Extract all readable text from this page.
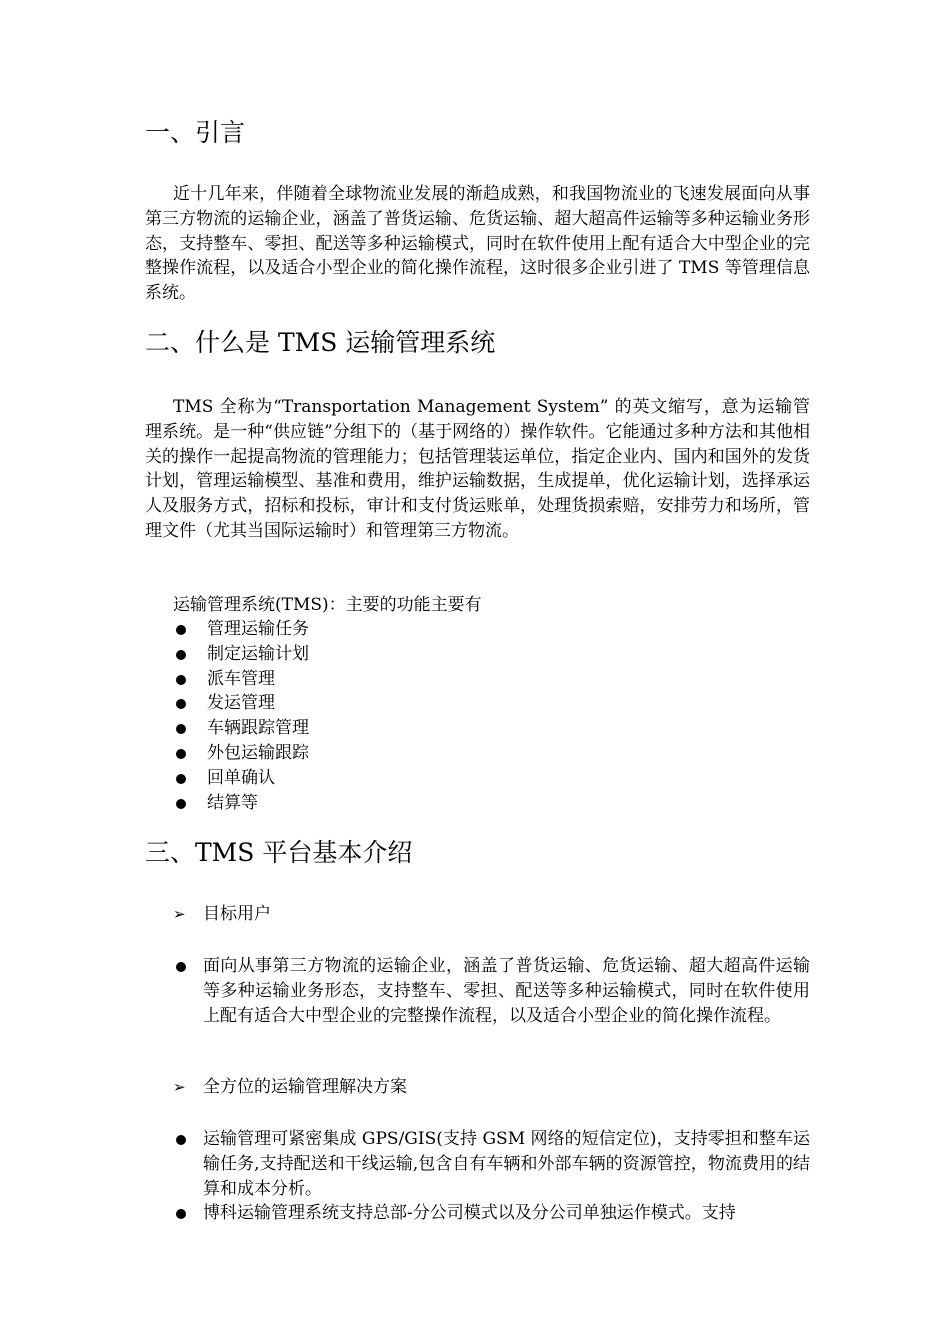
一、引言

近十几年来，伴随着全球物流业发展的渐趋成熟，和我国物流业的飞速发展面向从事第三方物流的运输企业，涵盖了普货运输、危货运输、超大超高件运输等多种运输业务形态，支持整车、零担、配送等多种运输模式，同时在软件使用上配有适合大中型企业的完整操作流程，以及适合小型企业的简化操作流程，这时很多企业引进了 TMS 等管理信息系统。

二、什么是 TMS 运输管理系统

TMS 全称为“Transportation Management System” 的英文缩写，意为运输管理系统。是一种“供应链”分组下的（基于网络的）操作软件。它能通过多种方法和其他相关的操作一起提高物流的管理能力；包括管理装运单位，指定企业内、国内和国外的发货计划，管理运输模型、基准和费用，维护运输数据，生成提单，优化运输计划，选择承运人及服务方式，招标和投标，审计和支付货运账单，处理货损索赔，安排劳力和场所，管理文件（尤其当国际运输时）和管理第三方物流。

运输管理系统(TMS)：主要的功能主要有
管理运输任务
制定运输计划
派车管理
发运管理
车辆跟踪管理
外包运输跟踪
回单确认
结算等
三、TMS 平台基本介绍
➢ 目标用户

面向从事第三方物流的运输企业，涵盖了普货运输、危货运输、超大超高件运输等多种运输业务形态，支持整车、零担、配送等多种运输模式，同时在软件使用上配有适合大中型企业的完整操作流程，以及适合小型企业的简化操作流程。

➢ 全方位的运输管理解决方案

运输管理可紧密集成 GPS/GIS(支持 GSM 网络的短信定位)，支持零担和整车运输任务,支持配送和干线运输,包含自有车辆和外部车辆的资源管控，物流费用的结算和成本分析。

博科运输管理系统支持总部-分公司模式以及分公司单独运作模式。支持
